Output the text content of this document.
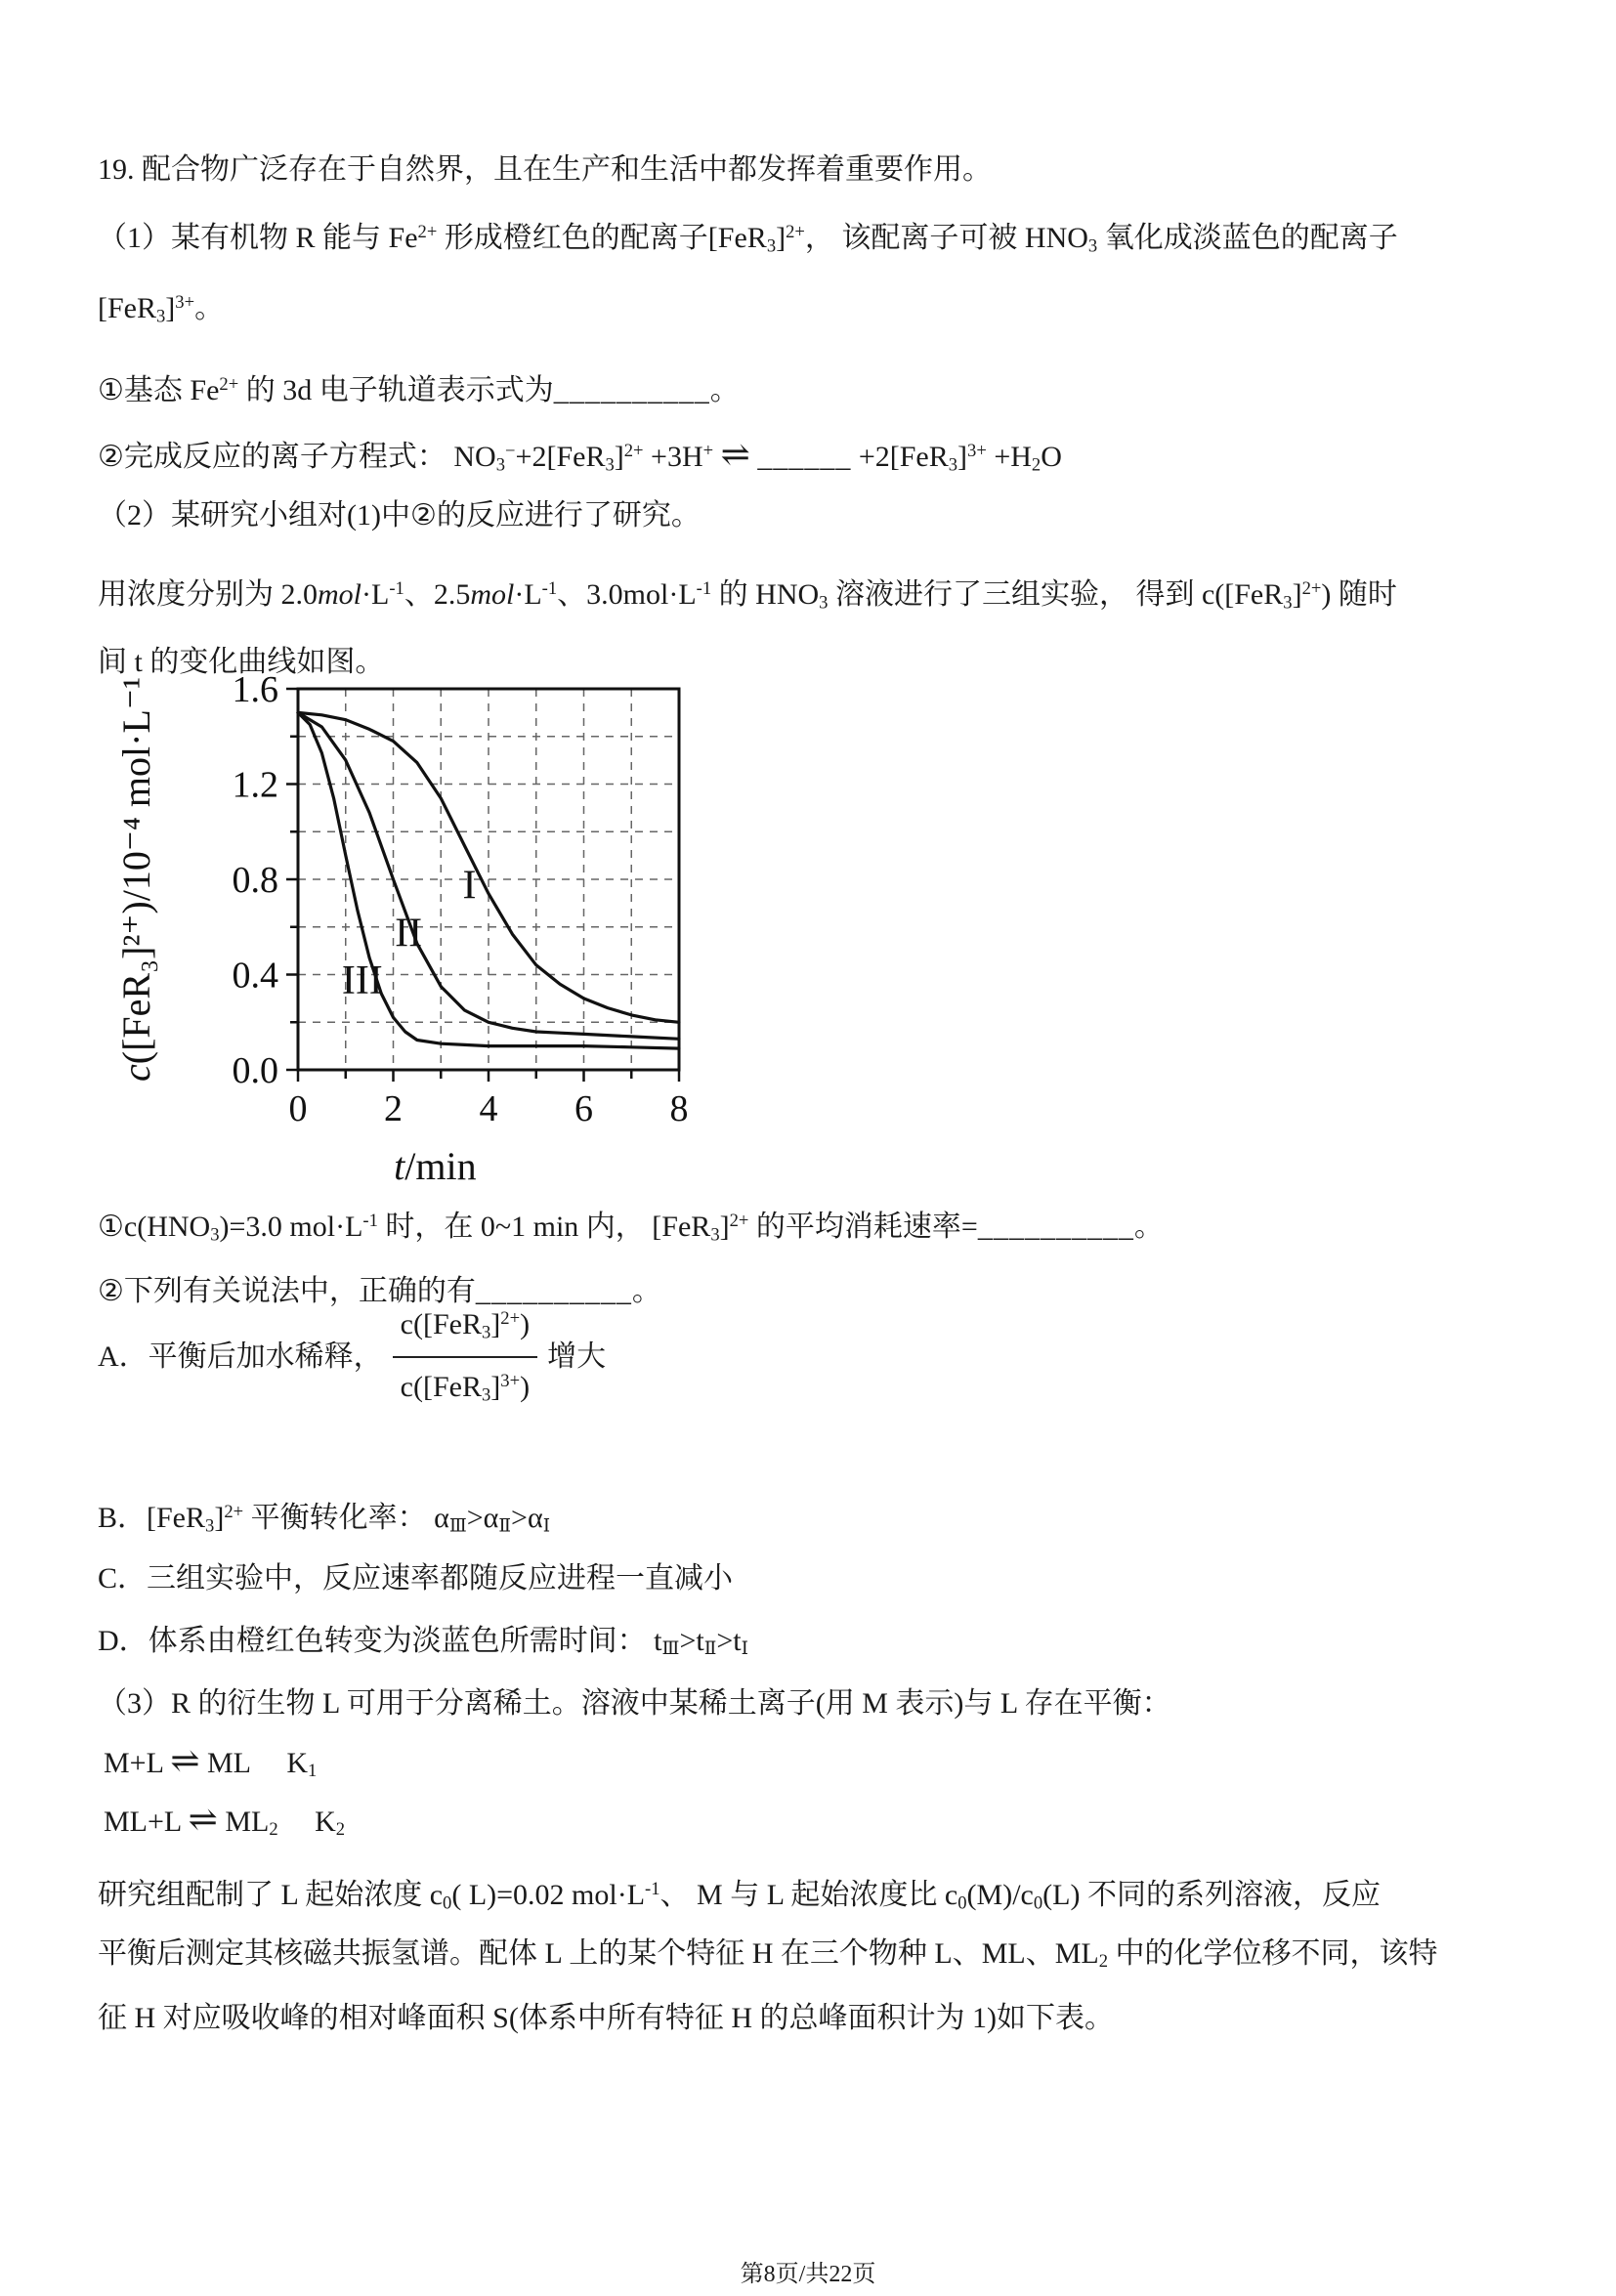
19. 配合物广泛存在于自然界，且在生产和生活中都发挥着重要作用。

（1）某有机物 R 能与 $Fe^{2+}$ 形成橙红色的配离子$[FeR3]^{2+}$， 该配离子可被 HNO3 氧化成淡蓝色的配离子

$[FeR3]^{3+}$。

①基态 $Fe^{2+}$ 的 3d 电子轨道表示式为__________。

②完成反应的离子方程式： $NO3^-+2[FeR3]^{2+} +3H^+$ ⇌ ______ $+2[FeR3]^{3+} +H2O$

（2）某研究小组对(1)中②的反应进行了研究。

用浓度分别为 $2.0mol\cdot L^{-1}$、$2.5mol\cdot L^{-1}$、$3.0mol\cdot L^{-1}$ 的 HNO3 溶液进行了三组实验， 得到 $c([FeR3]^{2+})$ 随时

间 t 的变化曲线如图。

0 2 4 6 8
0.0
0.4
0.8
1.2
1.6
I
II
III
t/min
c([FeR₃]²⁺)/10⁻⁴ mol·L⁻¹

①c(HNO3)=3.0 $mol\cdot L^{-1}$ 时，在 0~1 min 内， $[FeR3]^{2+}$ 的平均消耗速率=__________。

②下列有关说法中，正确的有__________。

A．平衡后加水稀释， $\frac{c([FeR3]^{2+})}{c([FeR3]^{3+})}$ 增大

B．$[FeR3]^{2+}$ 平衡转化率： αⅢ>αⅡ>αⅠ

C．三组实验中，反应速率都随反应进程一直减小

D．体系由橙红色转变为淡蓝色所需时间： tⅢ>tⅡ>tⅠ

（3）R 的衍生物 L 可用于分离稀土。溶液中某稀土离子(用 M 表示)与 L 存在平衡：

M+L ⇌ ML　 K1

ML+L ⇌ ML2　 K2

研究组配制了 L 起始浓度 c0( L)=0.02 $mol\cdot L^{-1}$、 M 与 L 起始浓度比 c0(M)/c0(L) 不同的系列溶液，反应

平衡后测定其核磁共振氢谱。配体 L 上的某个特征 H 在三个物种 L、ML、ML2 中的化学位移不同，该特

征 H 对应吸收峰的相对峰面积 S(体系中所有特征 H 的总峰面积计为 1)如下表。

第8页/共22页
